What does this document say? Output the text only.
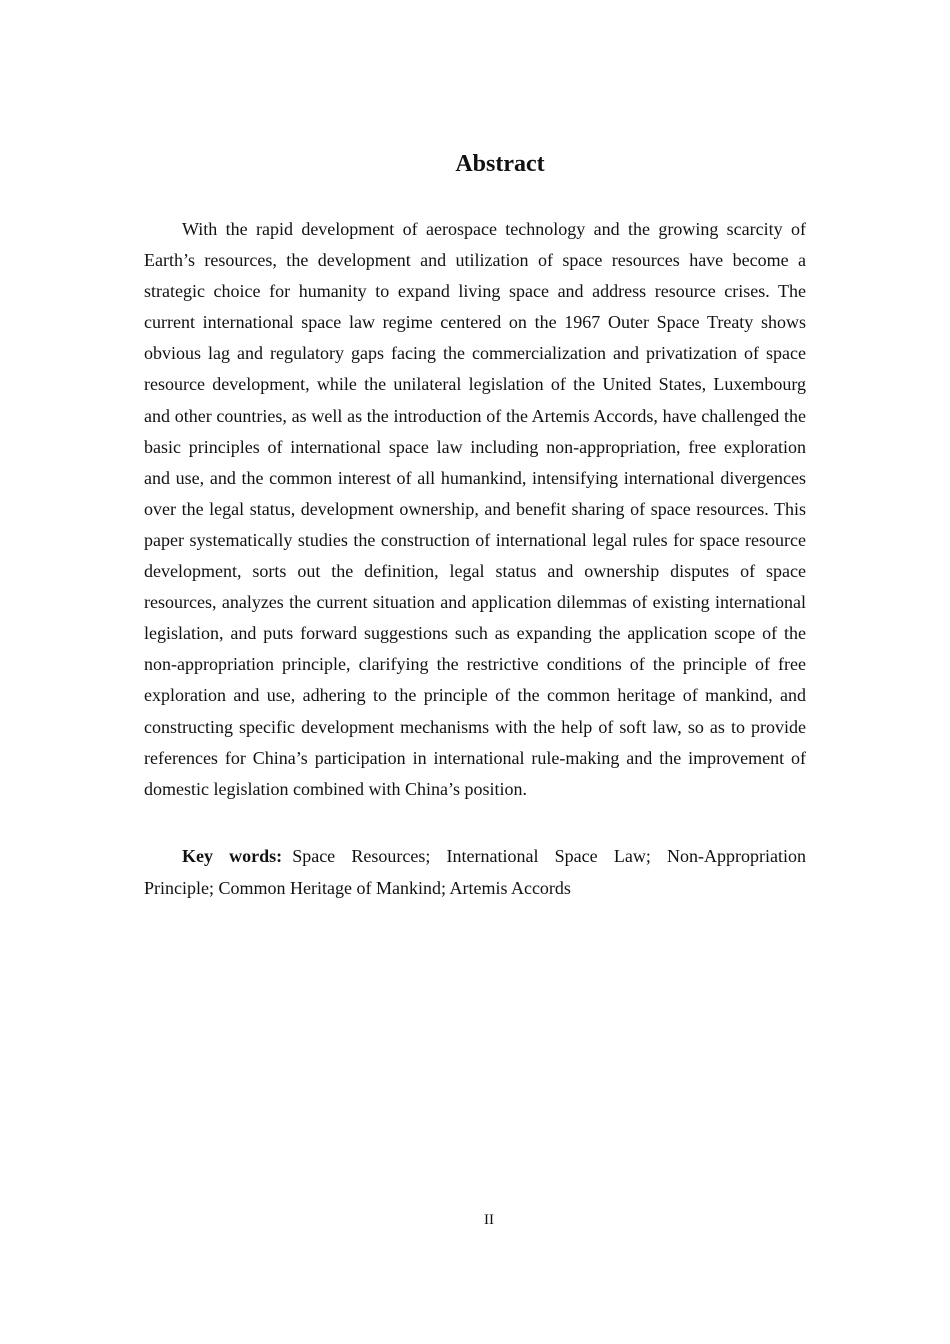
Abstract

With the rapid development of aerospace technology and the growing scarcity of Earth’s resources, the development and utilization of space resources have become a strategic choice for humanity to expand living space and address resource crises. The current international space law regime centered on the 1967 Outer Space Treaty shows obvious lag and regulatory gaps facing the commercialization and privatization of space resource development, while the unilateral legislation of the United States, Luxembourg and other countries, as well as the introduction of the Artemis Accords, have challenged the basic principles of international space law including non-appropriation, free exploration and use, and the common interest of all humankind, intensifying international divergences over the legal status, development ownership, and benefit sharing of space resources. This paper systematically studies the construction of international legal rules for space resource development, sorts out the definition, legal status and ownership disputes of space resources, analyzes the current situation and application dilemmas of existing international legislation, and puts forward suggestions such as expanding the application scope of the non-appropriation principle, clarifying the restrictive conditions of the principle of free exploration and use, adhering to the principle of the common heritage of mankind, and constructing specific development mechanisms with the help of soft law, so as to provide references for China’s participation in international rule-making and the improvement of domestic legislation combined with China’s position.

Key words: Space Resources; International Space Law; Non-Appropriation Principle; Common Heritage of Mankind; Artemis Accords

II
